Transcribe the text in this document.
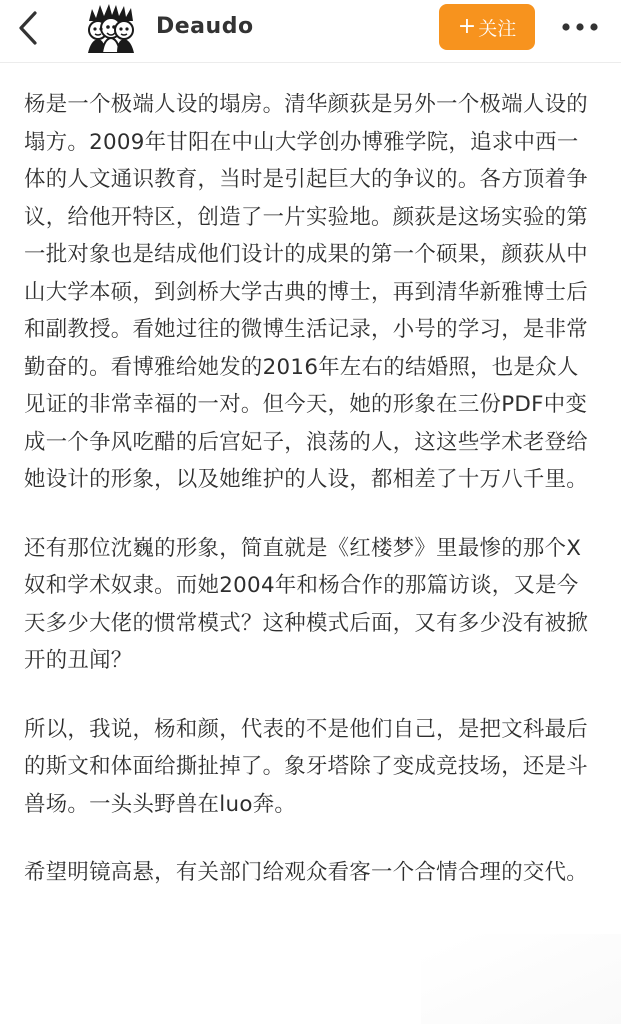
Deaudo	+ 关注

杨是一个极端人设的塌房。清华颜荻是另外一个极端人设的塌方。2009年甘阳在中山大学创办博雅学院，追求中西一体的人文通识教育，当时是引起巨大的争议的。各方顶着争议，给他开特区，创造了一片实验地。颜荻是这场实验的第一批对象也是结成他们设计的成果的第一个硕果，颜荻从中山大学本硕，到剑桥大学古典的博士，再到清华新雅博士后和副教授。看她过往的微博生活记录，小号的学习，是非常勤奋的。看博雅给她发的2016年左右的结婚照，也是众人见证的非常幸福的一对。但今天，她的形象在三份PDF中变成一个争风吃醋的后宫妃子，浪荡的人，这这些学术老登给她设计的形象，以及她维护的人设，都相差了十万八千里。

还有那位沈巍的形象，简直就是《红楼梦》里最惨的那个X奴和学术奴隶。而她2004年和杨合作的那篇访谈，又是今天多少大佬的惯常模式？这种模式后面，又有多少没有被掀开的丑闻？

所以，我说，杨和颜，代表的不是他们自己，是把文科最后的斯文和体面给撕扯掉了。象牙塔除了变成竞技场，还是斗兽场。一头头野兽在luo奔。

希望明镜高悬，有关部门给观众看客一个合情合理的交代。
